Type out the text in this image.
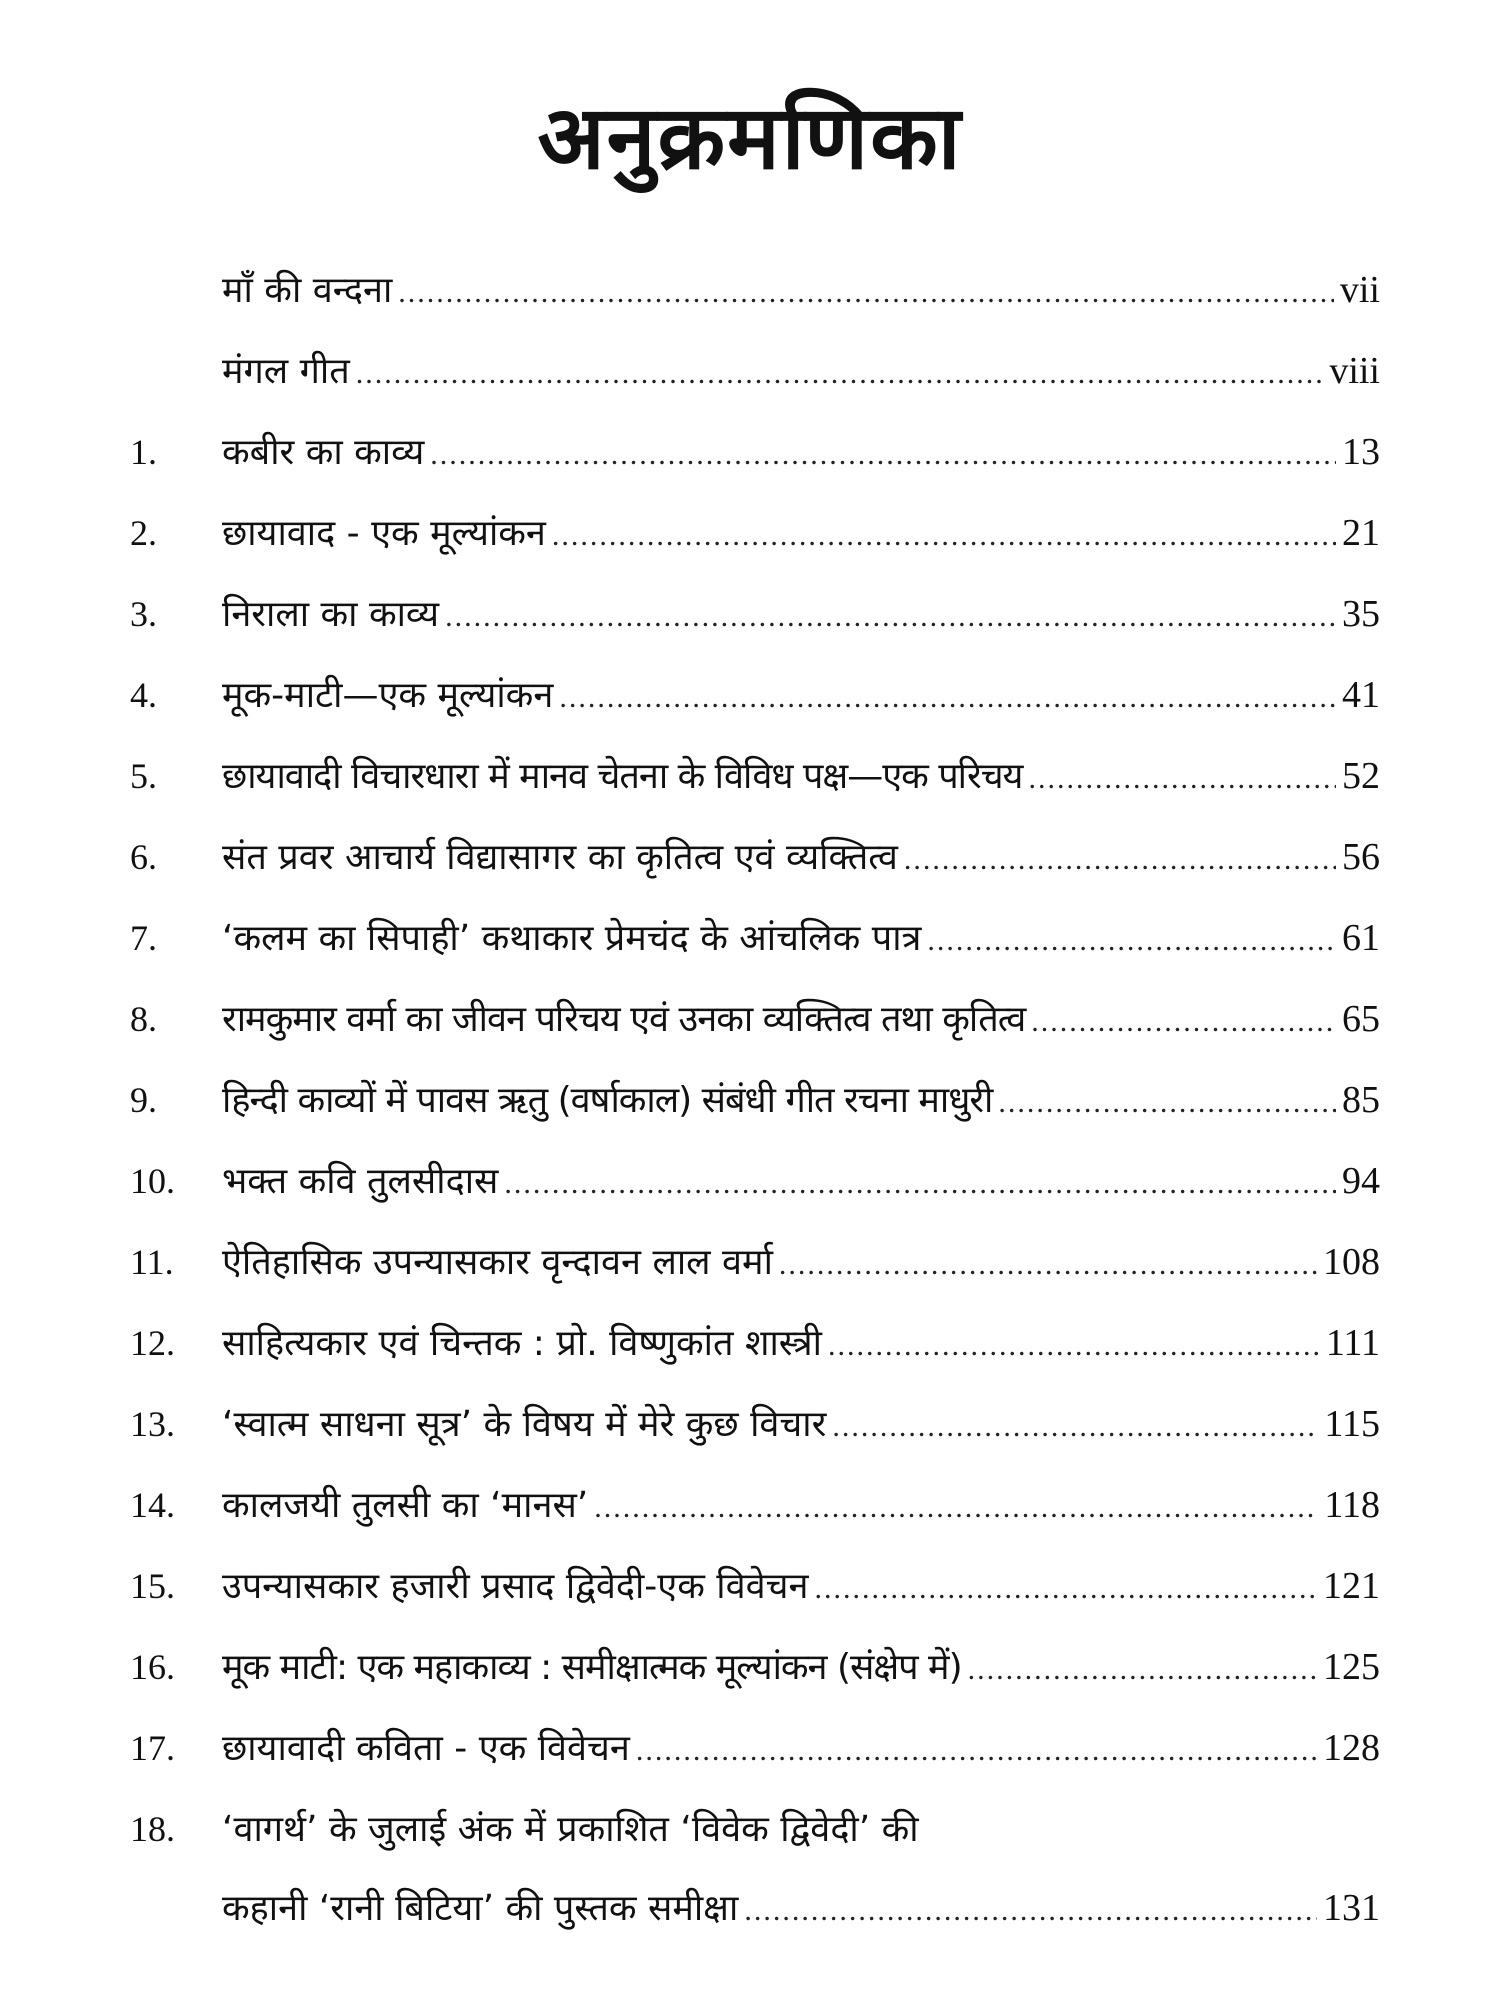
अनुक्रमणिका
माँ की वन्दना .....	vii
मंगल गीत .....	viii
1. कबीर का काव्य .....	13
2. छायावाद - एक मूल्यांकन .....	21
3. निराला का काव्य .....	35
4. मूक-माटी—एक मूल्यांकन .....	41
5. छायावादी विचारधारा में मानव चेतना के विविध पक्ष—एक परिचय .....	52
6. संत प्रवर आचार्य विद्यासागर का कृतित्व एवं व्यक्तित्व .....	56
7. ‘कलम का सिपाही’ कथाकार प्रेमचंद के आंचलिक पात्र .....	61
8. रामकुमार वर्मा का जीवन परिचय एवं उनका व्यक्तित्व तथा कृतित्व .....	65
9. हिन्दी काव्यों में पावस ऋतु (वर्षाकाल) संबंधी गीत रचना माधुरी .....	85
10. भक्त कवि तुलसीदास .....	94
11. ऐतिहासिक उपन्यासकार वृन्दावन लाल वर्मा .....	108
12. साहित्यकार एवं चिन्तक : प्रो. विष्णुकांत शास्त्री .....	111
13. ‘स्वात्म साधना सूत्र’ के विषय में मेरे कुछ विचार .....	115
14. कालजयी तुलसी का ‘मानस’ .....	118
15. उपन्यासकार हजारी प्रसाद द्विवेदी-एक विवेचन .....	121
16. मूक माटी: एक महाकाव्य : समीक्षात्मक मूल्यांकन (संक्षेप में) .....	125
17. छायावादी कविता - एक विवेचन .....	128
18. ‘वागर्थ’ के जुलाई अंक में प्रकाशित ‘विवेक द्विवेदी’ की
कहानी ‘रानी बिटिया’ की पुस्तक समीक्षा .....	131
